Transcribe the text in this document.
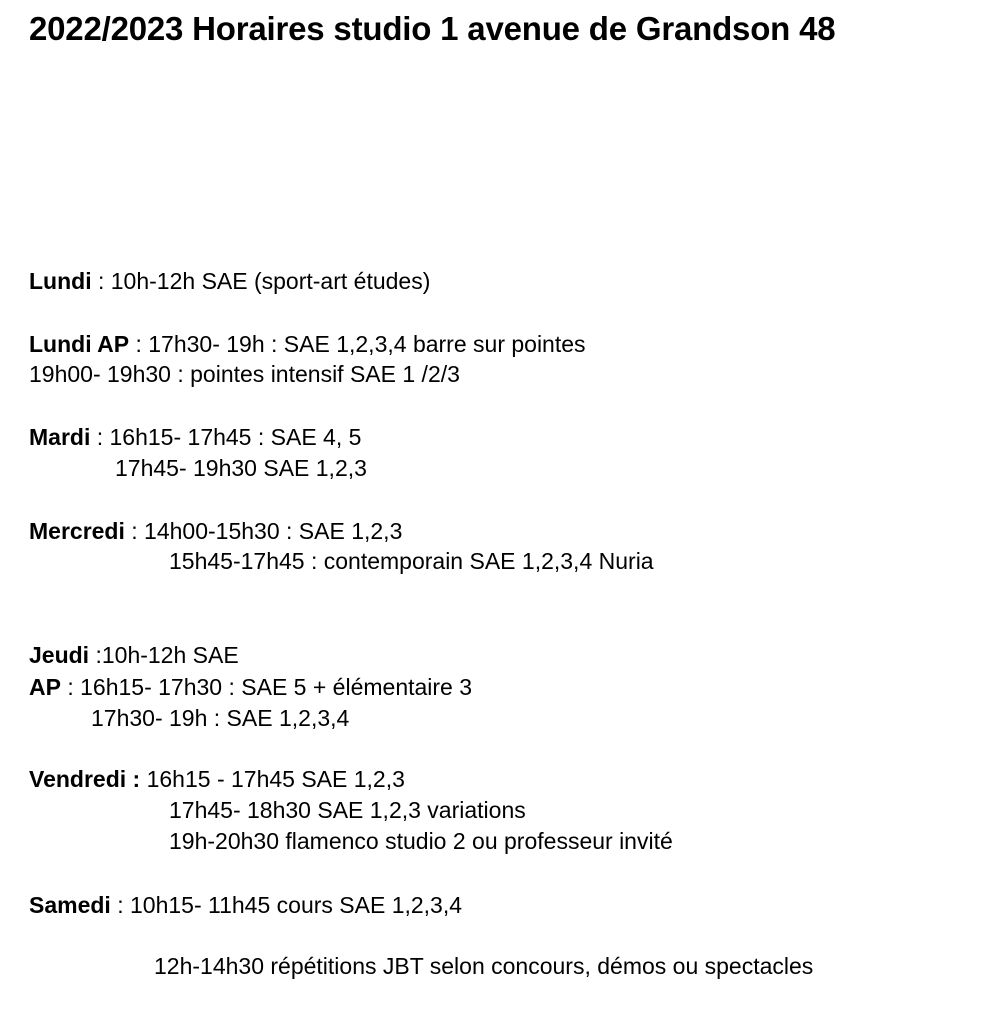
2022/2023 Horaires studio 1 avenue de Grandson 48
Lundi : 10h-12h SAE (sport-art études)
Lundi AP : 17h30- 19h : SAE 1,2,3,4 barre sur pointes
19h00- 19h30 : pointes intensif SAE 1 /2/3
Mardi : 16h15- 17h45 : SAE 4, 5
17h45- 19h30 SAE 1,2,3
Mercredi : 14h00-15h30 : SAE 1,2,3
15h45-17h45 : contemporain SAE 1,2,3,4 Nuria
Jeudi :10h-12h SAE
AP : 16h15- 17h30 : SAE 5 + élémentaire 3
17h30- 19h : SAE 1,2,3,4
Vendredi : 16h15 - 17h45 SAE 1,2,3
17h45- 18h30 SAE 1,2,3 variations
19h-20h30 flamenco studio 2 ou professeur invité
Samedi : 10h15- 11h45 cours SAE 1,2,3,4
12h-14h30 répétitions JBT selon concours, démos ou spectacles
